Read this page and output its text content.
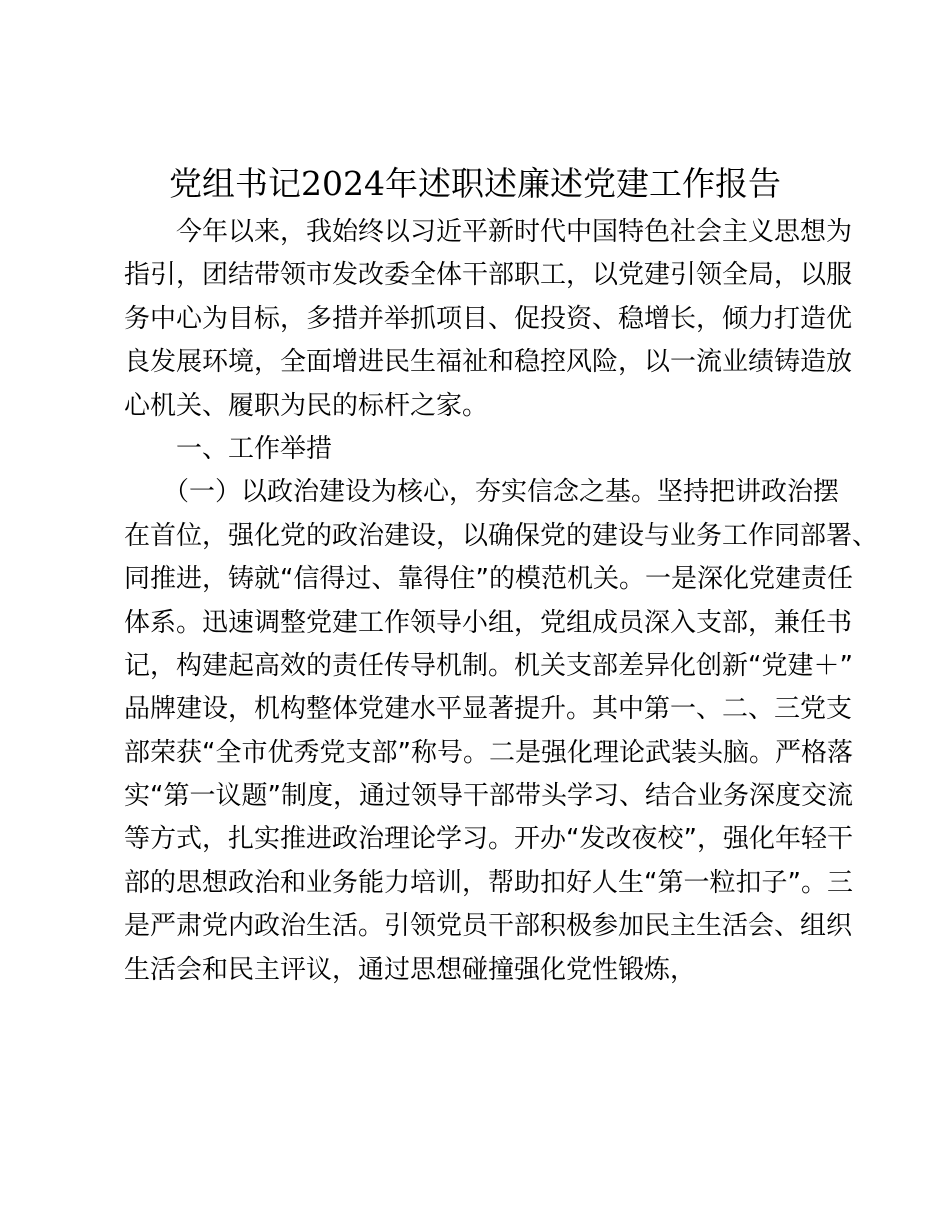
党组书记2024年述职述廉述党建工作报告
　　今年以来，我始终以习近平新时代中国特色社会主义思想为
指引，团结带领市发改委全体干部职工，以党建引领全局，以服
务中心为目标，多措并举抓项目、促投资、稳增长，倾力打造优
良发展环境，全面增进民生福祉和稳控风险，以一流业绩铸造放
心机关、履职为民的标杆之家。
　　一、工作举措
　　（一）以政治建设为核心，夯实信念之基。坚持把讲政治摆
在首位，强化党的政治建设，以确保党的建设与业务工作同部署、
同推进，铸就“信得过、靠得住”的模范机关。一是深化党建责任
体系。迅速调整党建工作领导小组，党组成员深入支部，兼任书
记，构建起高效的责任传导机制。机关支部差异化创新“党建＋”
品牌建设，机构整体党建水平显著提升。其中第一、二、三党支
部荣获“全市优秀党支部”称号。二是强化理论武装头脑。严格落
实“第一议题”制度，通过领导干部带头学习、结合业务深度交流
等方式，扎实推进政治理论学习。开办“发改夜校”，强化年轻干
部的思想政治和业务能力培训，帮助扣好人生“第一粒扣子”。三
是严肃党内政治生活。引领党员干部积极参加民主生活会、组织
生活会和民主评议，通过思想碰撞强化党性锻炼，
